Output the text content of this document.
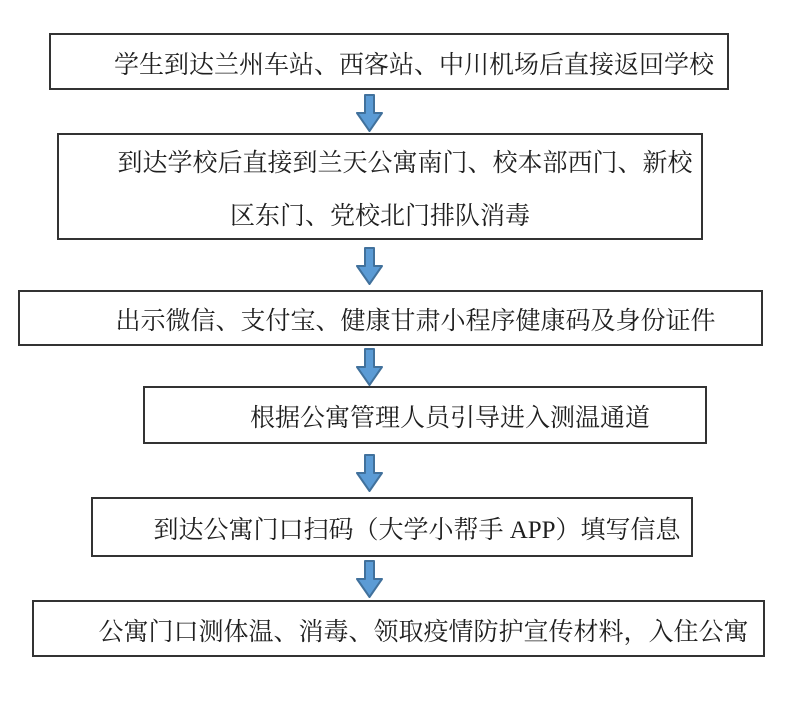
学生到达兰州车站、西客站、中川机场后直接返回学校
到达学校后直接到兰天公寓南门、校本部西门、新校
区东门、党校北门排队消毒
出示微信、支付宝、健康甘肃小程序健康码及身份证件
根据公寓管理人员引导进入测温通道
到达公寓门口扫码（大学小帮手 APP）填写信息
公寓门口测体温、消毒、领取疫情防护宣传材料，入住公寓
